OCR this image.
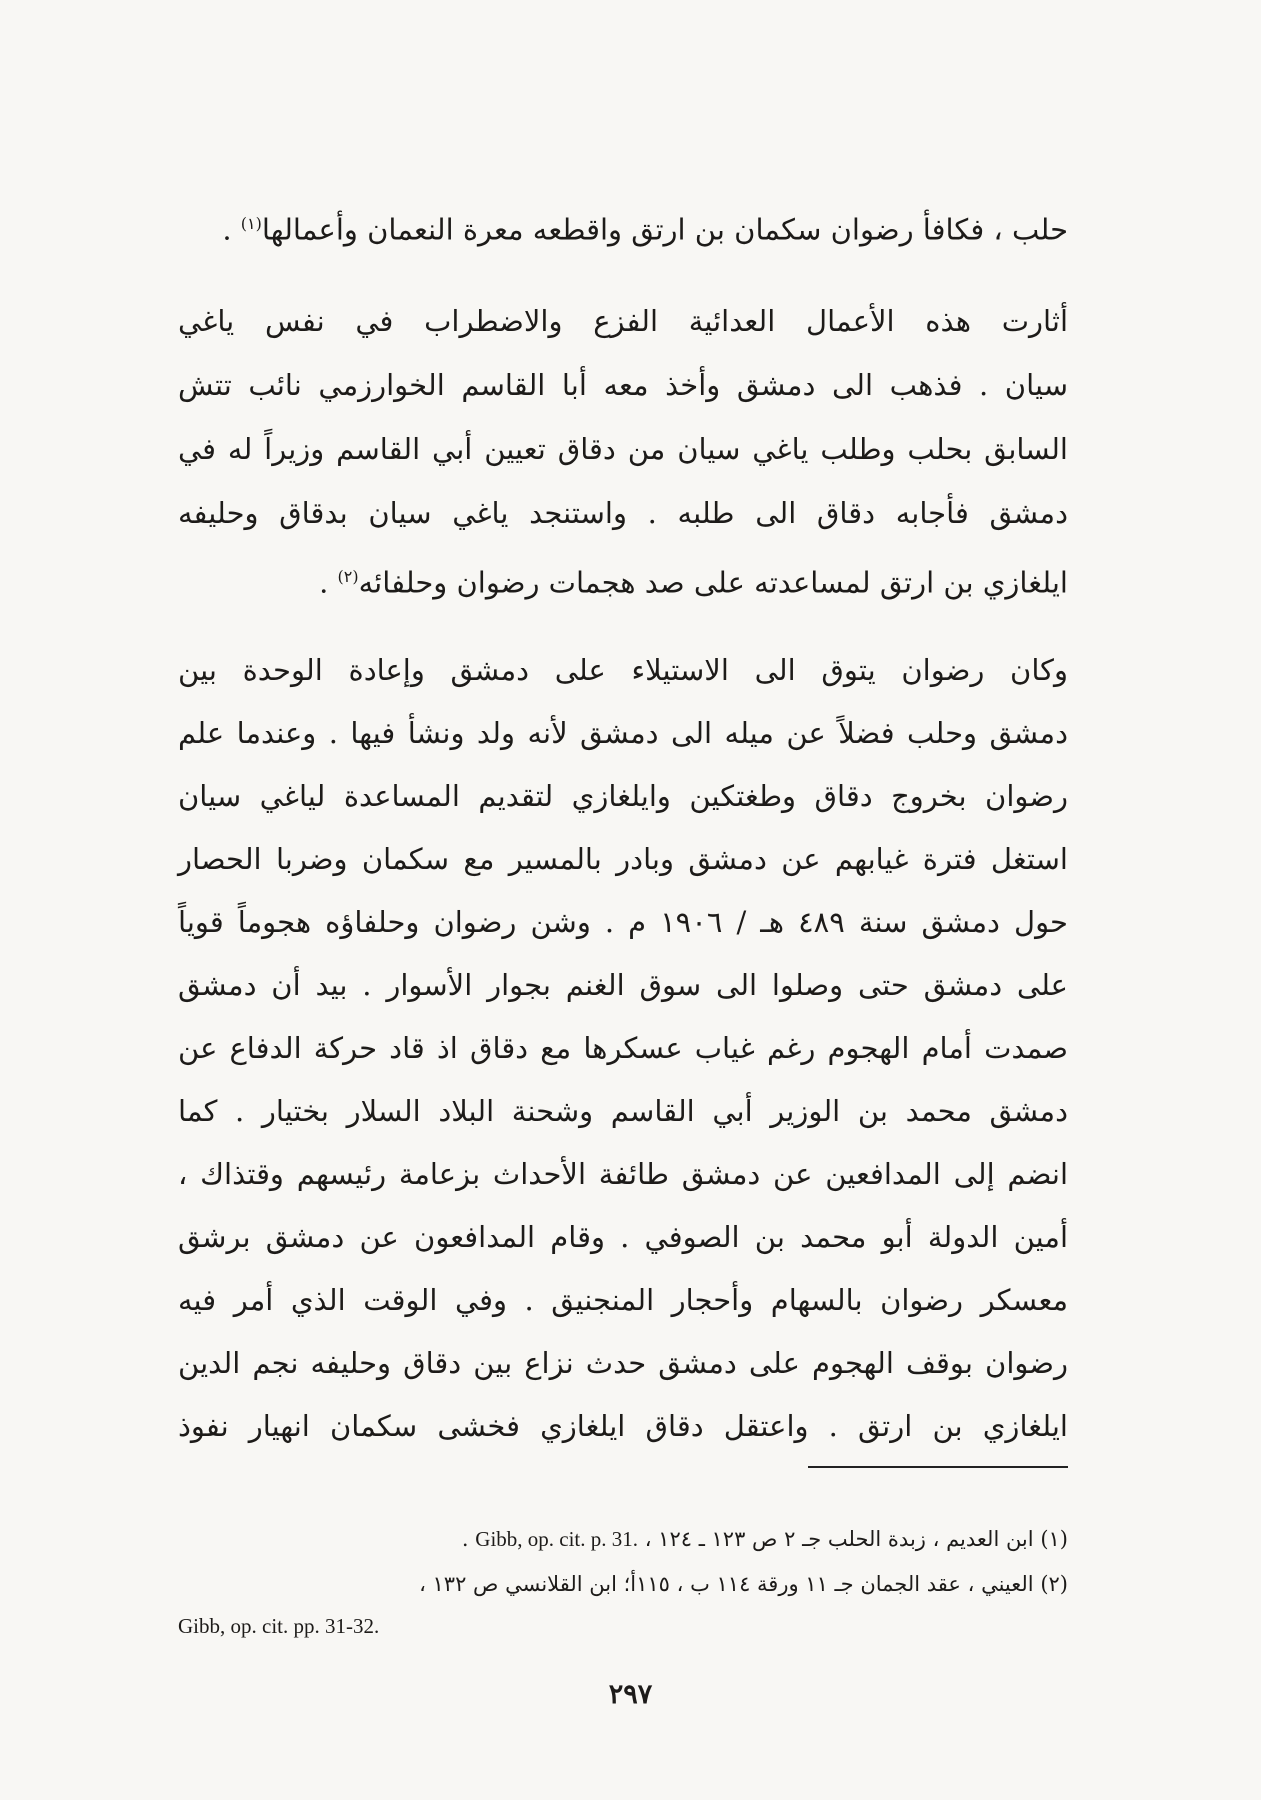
حلب ، فكافأ رضوان سكمان بن ارتق واقطعه معرة النعمان وأعمالها$^{(١)}$ .
أثارت هذه الأعمال العدائية الفزع والاضطراب في نفس ياغي
سيان . فذهب الى دمشق وأخذ معه أبا القاسم الخوارزمي نائب تتش
السابق بحلب وطلب ياغي سيان من دقاق تعيين أبي القاسم وزيراً له في
دمشق فأجابه دقاق الى طلبه . واستنجد ياغي سيان بدقاق وحليفه
ايلغازي بن ارتق لمساعدته على صد هجمات رضوان وحلفائه$^{(٢)}$ .
وكان رضوان يتوق الى الاستيلاء على دمشق وإعادة الوحدة بين
دمشق وحلب فضلاً عن ميله الى دمشق لأنه ولد ونشأ فيها . وعندما علم
رضوان بخروج دقاق وطغتكين وايلغازي لتقديم المساعدة لياغي سيان
استغل فترة غيابهم عن دمشق وبادر بالمسير مع سكمان وضربا الحصار
حول دمشق سنة ٤٨٩ هـ / ١٩٠٦ م . وشن رضوان وحلفاؤه هجوماً قوياً
على دمشق حتى وصلوا الى سوق الغنم بجوار الأسوار . بيد أن دمشق
صمدت أمام الهجوم رغم غياب عسكرها مع دقاق اذ قاد حركة الدفاع عن
دمشق محمد بن الوزير أبي القاسم وشحنة البلاد السلار بختيار . كما
انضم إلى المدافعين عن دمشق طائفة الأحداث بزعامة رئيسهم وقتذاك ،
أمين الدولة أبو محمد بن الصوفي . وقام المدافعون عن دمشق برشق
معسكر رضوان بالسهام وأحجار المنجنيق . وفي الوقت الذي أمر فيه
رضوان بوقف الهجوم على دمشق حدث نزاع بين دقاق وحليفه نجم الدين
ايلغازي بن ارتق . واعتقل دقاق ايلغازي فخشى سكمان انهيار نفوذ
(١) ابن العديم ، زبدة الحلب جـ ٢ ص ١٢٣ ـ ١٢٤ ، Gibb, op. cit. p. 31. .
(٢) العيني ، عقد الجمان جـ ١١ ورقة ١١٤ ب ، ١١٥أ؛ ابن القلانسي ص ١٣٢ ،
Gibb, op. cit. pp. 31-32.
٢٩٧
